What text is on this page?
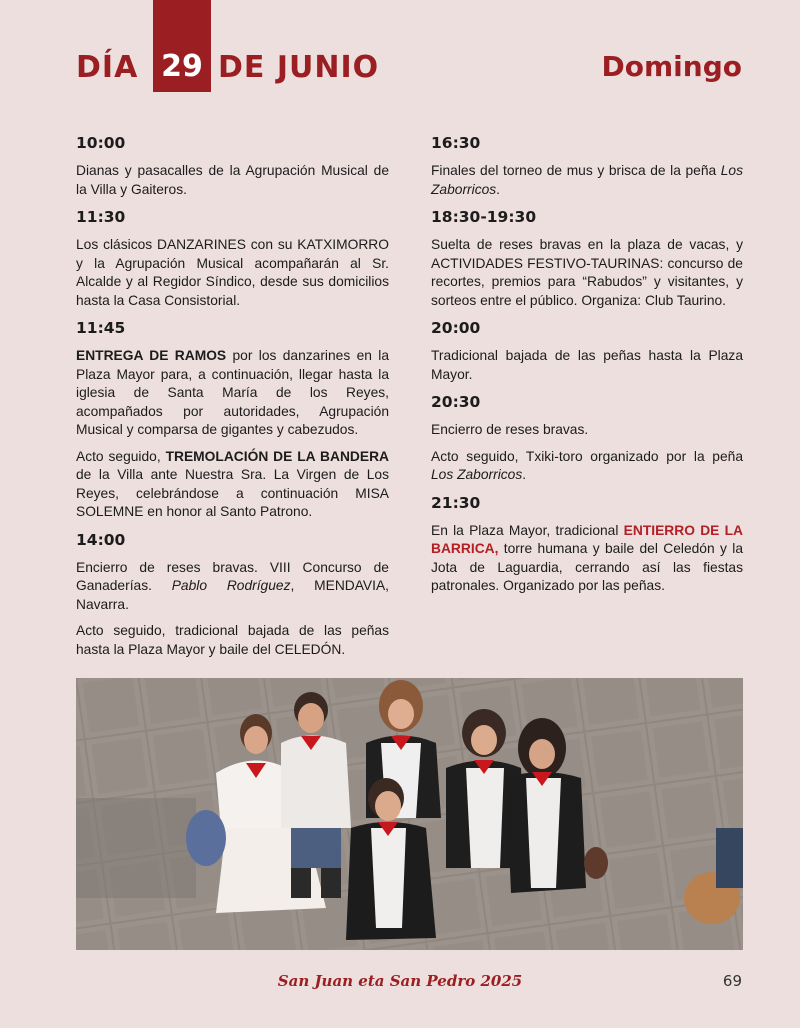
DÍA 29 DE JUNIO	Domingo
10:00
Dianas y pasacalles de la Agrupación Musical de la Villa y Gaiteros.
11:30
Los clásicos DANZARINES con su KATXIMORRO y la Agrupación Musical acompañarán al Sr. Alcalde y al Regidor Síndico, desde sus domicilios hasta la Casa Consistorial.
11:45
ENTREGA DE RAMOS por los danzarines en la Plaza Mayor para, a continuación, llegar hasta la iglesia de Santa María de los Reyes, acompañados por autoridades, Agrupación Musical y comparsa de gigantes y cabezudos.
Acto seguido, TREMOLACIÓN DE LA BANDERA de la Villa ante Nuestra Sra. La Virgen de Los Reyes, celebrándose a continuación MISA SOLEMNE en honor al Santo Patrono.
14:00
Encierro de reses bravas. VIII Concurso de Ganaderías. Pablo Rodríguez, MENDAVIA, Navarra.
Acto seguido, tradicional bajada de las peñas hasta la Plaza Mayor y baile del CELEDÓN.
16:30
Finales del torneo de mus y brisca de la peña Los Zaborricos.
18:30-19:30
Suelta de reses bravas en la plaza de vacas, y ACTIVIDADES FESTIVO-TAURINAS: concurso de recortes, premios para “Rabudos” y visitantes, y sorteos entre el público. Organiza: Club Taurino.
20:00
Tradicional bajada de las peñas hasta la Plaza Mayor.
20:30
Encierro de reses bravas.
Acto seguido, Txiki-toro organizado por la peña Los Zaborricos.
21:30
En la Plaza Mayor, tradicional ENTIERRO DE LA BARRICA, torre humana y baile del Celedón y la Jota de Laguardia, cerrando así las fiestas patronales. Organizado por las peñas.
San Juan eta San Pedro 2025	69
